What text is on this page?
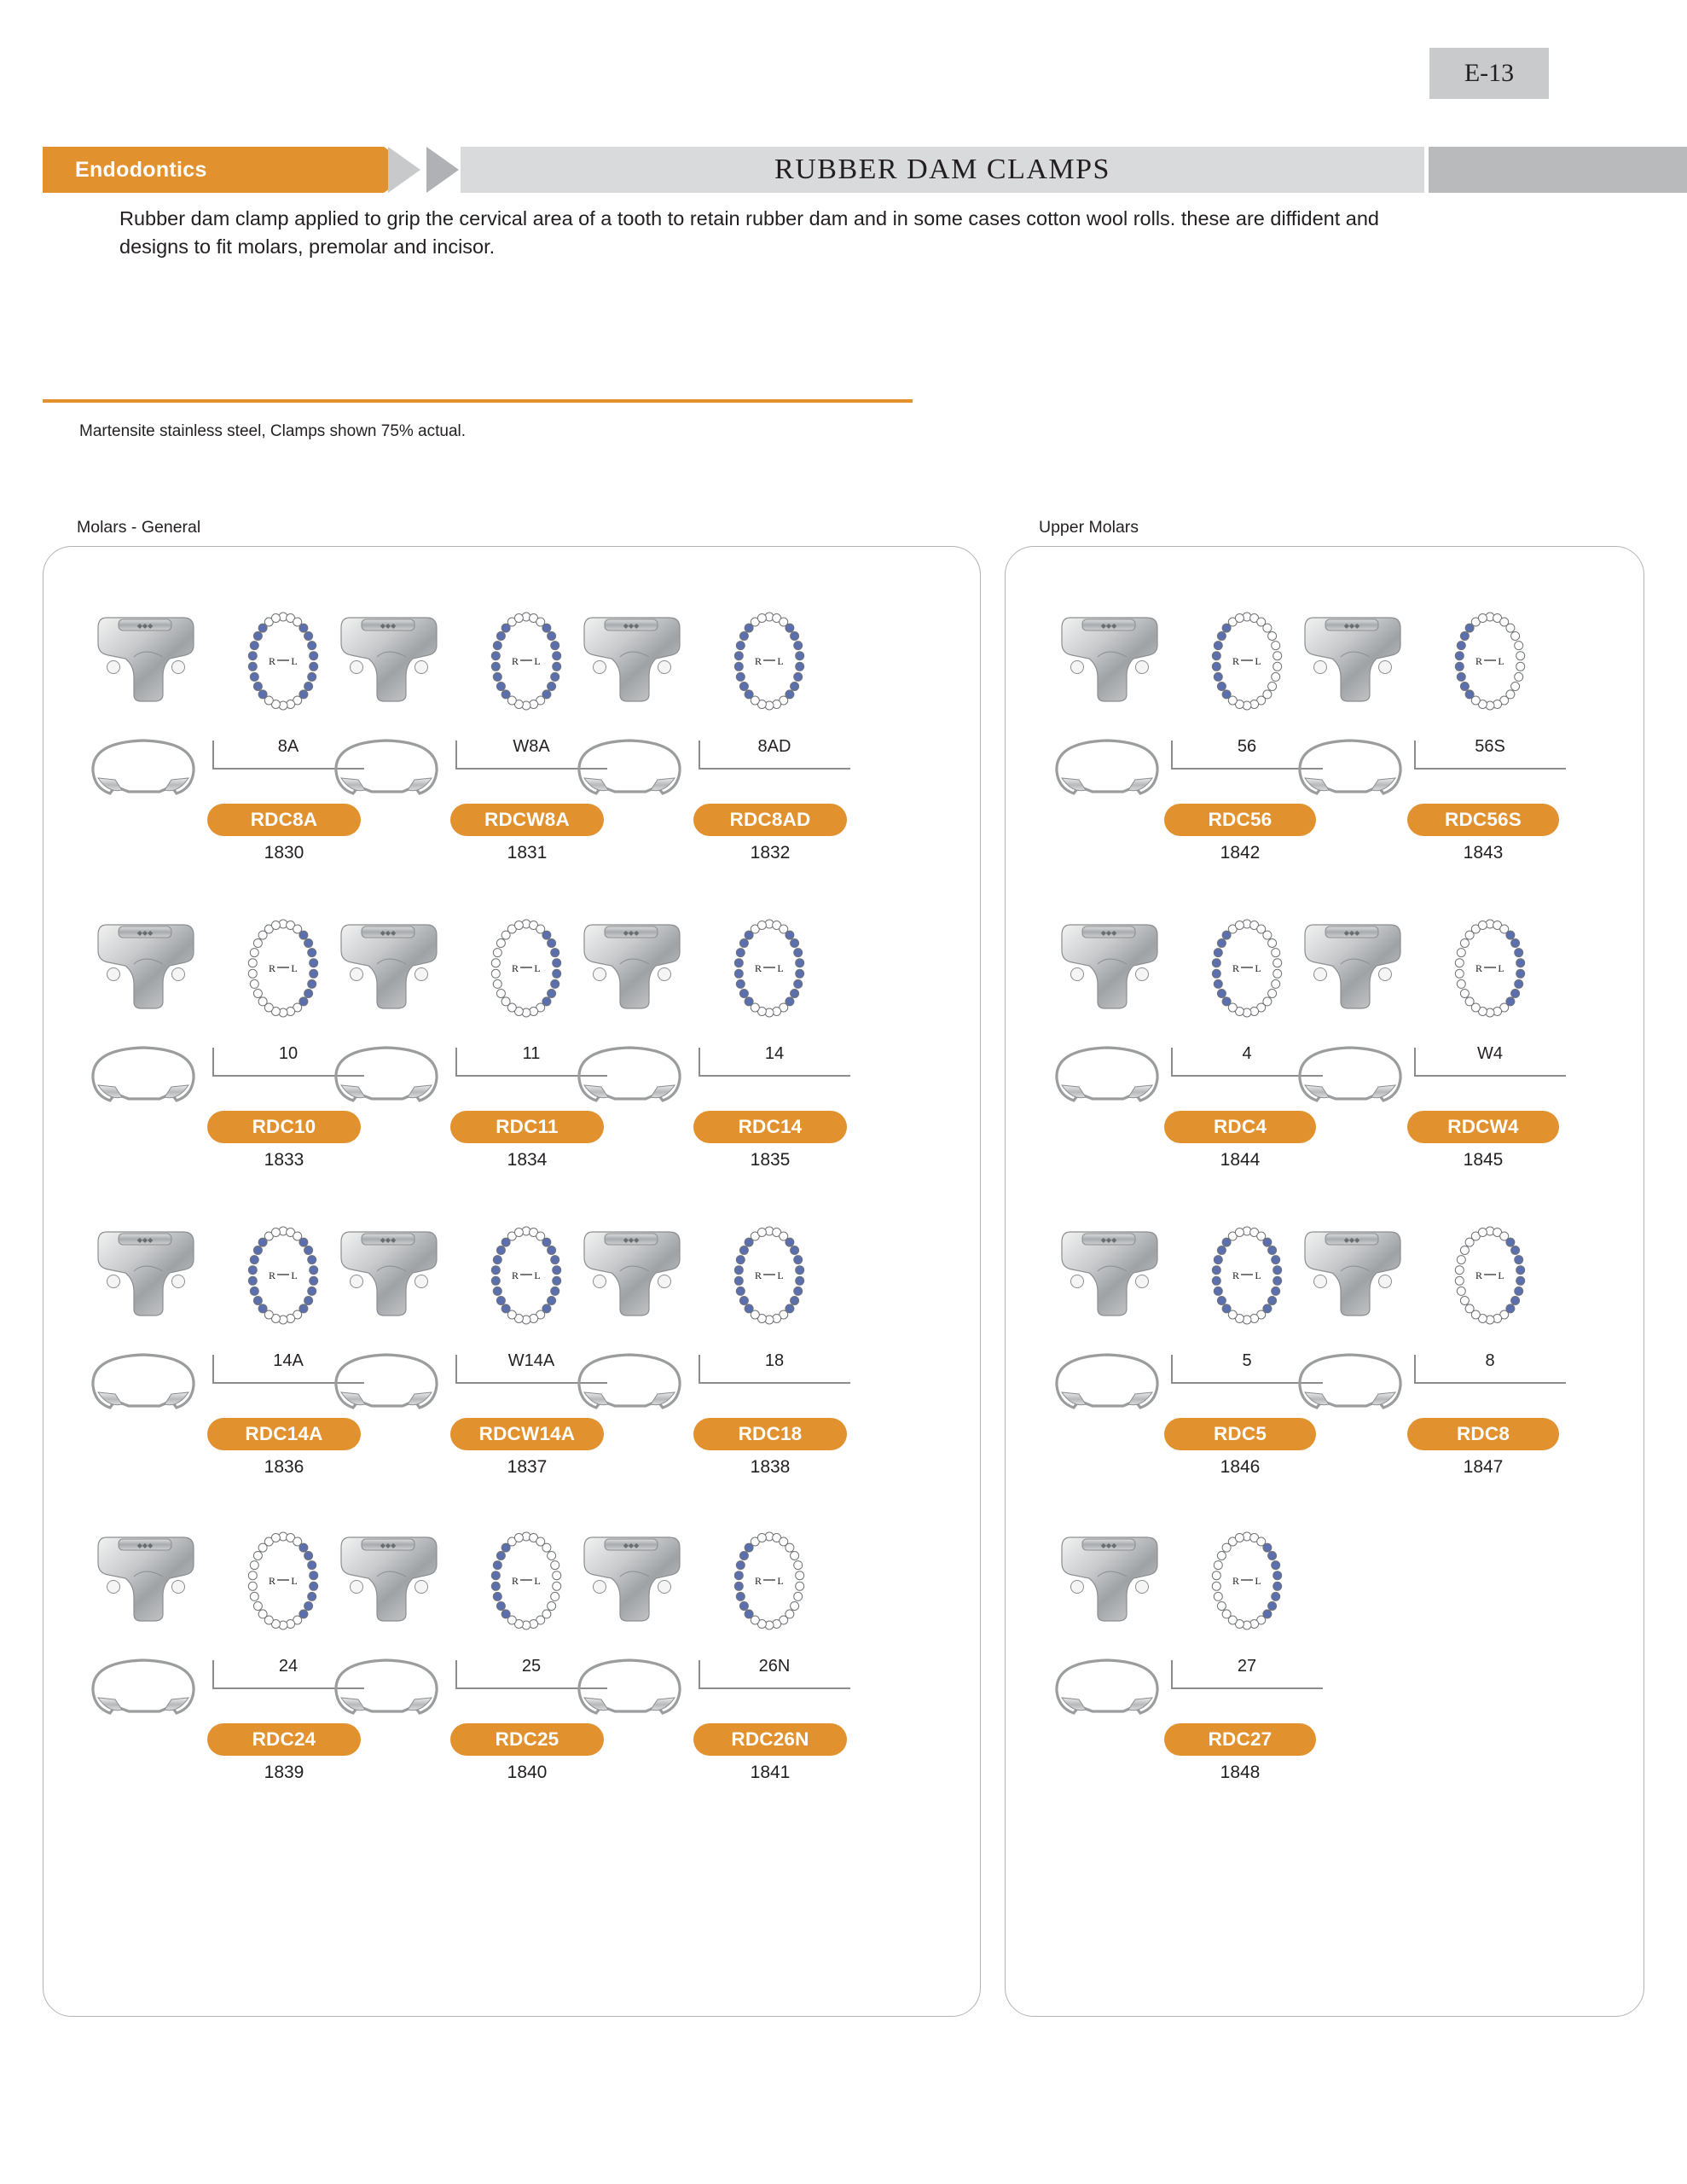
Endodontics	RUBBER DAM CLAMPS
E-13
Rubber dam clamp applied to grip the cervical area of a tooth to retain rubber dam and in some cases cotton wool rolls. these are diffident and designs to fit molars, premolar and incisor.
Martensite stainless steel, Clamps shown 75% actual.
Molars - General	Upper Molars
◆◆◆
R L
8A
RDC8A
1830
◆◆◆
R L
W8A
RDCW8A
1831
◆◆◆
R L
8AD
RDC8AD
1832
◆◆◆
R L
10
RDC10
1833
◆◆◆
R L
11
RDC11
1834
◆◆◆
R L
14
RDC14
1835
◆◆◆
R L
14A
RDC14A
1836
◆◆◆
R L
W14A
RDCW14A
1837
◆◆◆
R L
18
RDC18
1838
◆◆◆
R L
24
RDC24
1839
◆◆◆
R L
25
RDC25
1840
◆◆◆
R L
26N
RDC26N
1841
◆◆◆
R L
56
RDC56
1842
◆◆◆
R L
56S
RDC56S
1843
◆◆◆
R L
4
RDC4
1844
◆◆◆
R L
W4
RDCW4
1845
◆◆◆
R L
5
RDC5
1846
◆◆◆
R L
8
RDC8
1847
◆◆◆
R L
27
RDC27
1848
